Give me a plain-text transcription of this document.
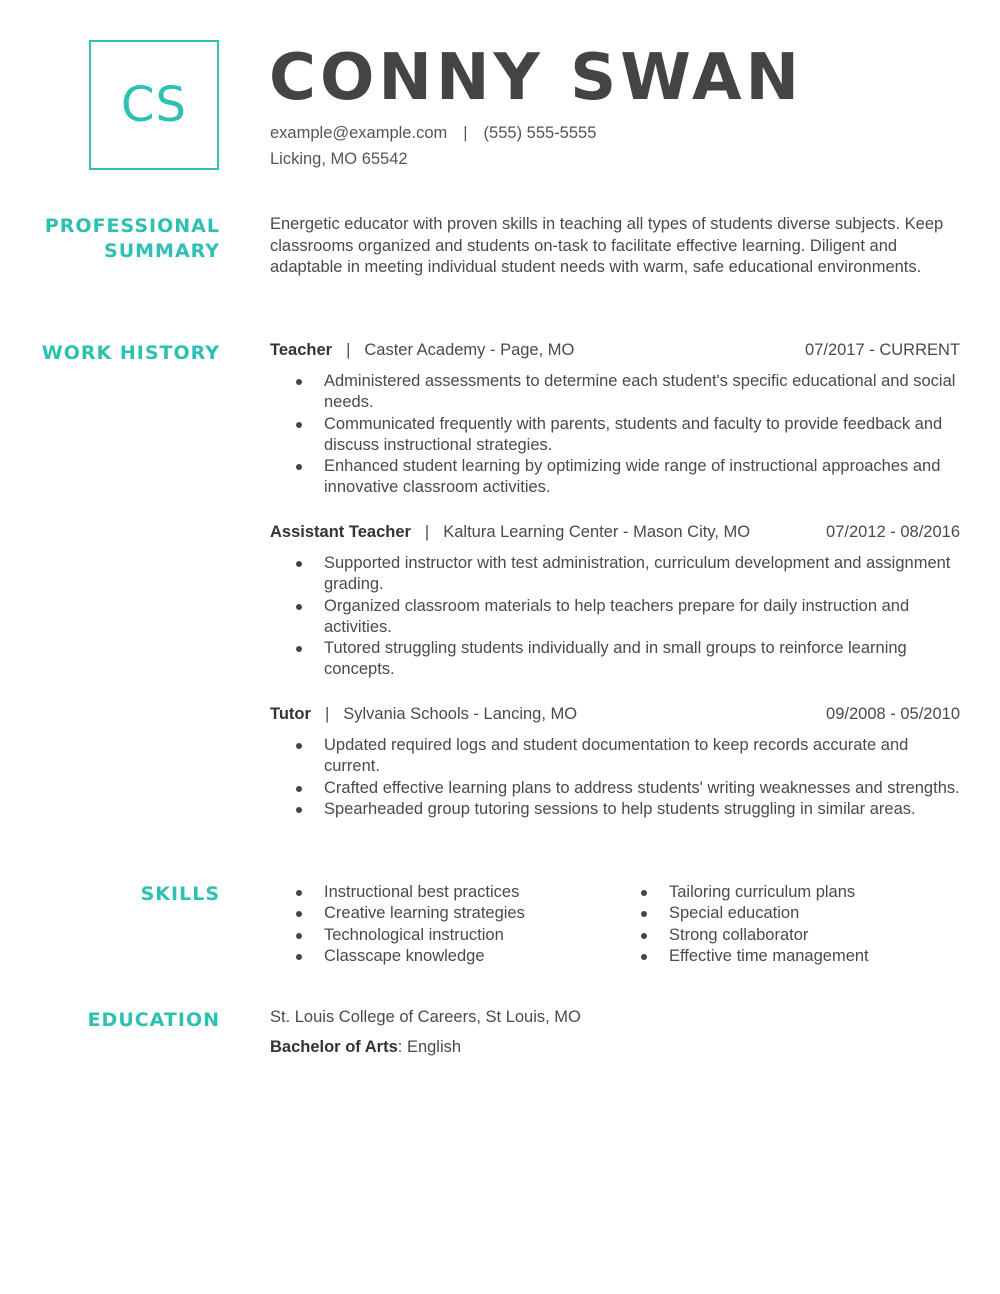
CS CONNY SWAN
example@example.com | (555) 555-5555
Licking, MO 65542
PROFESSIONAL
SUMMARY
Energetic educator with proven skills in teaching all types of students diverse subjects. Keep classrooms organized and students on-task to facilitate effective learning. Diligent and adaptable in meeting individual student needs with warm, safe educational environments.
WORK HISTORY	Teacher | Caster Academy - Page, MO	07/2017 - CURRENT
Administered assessments to determine each student's specific educational and social needs.
Communicated frequently with parents, students and faculty to provide feedback and discuss instructional strategies.
Enhanced student learning by optimizing wide range of instructional approaches and innovative classroom activities.
Assistant Teacher | Kaltura Learning Center - Mason City, MO	07/2012 - 08/2016
Supported instructor with test administration, curriculum development and assignment grading.
Organized classroom materials to help teachers prepare for daily instruction and activities.
Tutored struggling students individually and in small groups to reinforce learning concepts.
Tutor | Sylvania Schools - Lancing, MO	09/2008 - 05/2010
Updated required logs and student documentation to keep records accurate and current.
Crafted effective learning plans to address students' writing weaknesses and strengths.
Spearheaded group tutoring sessions to help students struggling in similar areas.
SKILLS	Instructional best practices
Creative learning strategies
Technological instruction
Classcape knowledge
Tailoring curriculum plans
Special education
Strong collaborator
Effective time management
EDUCATION	St. Louis College of Careers, St Louis, MO
Bachelor of Arts: English
